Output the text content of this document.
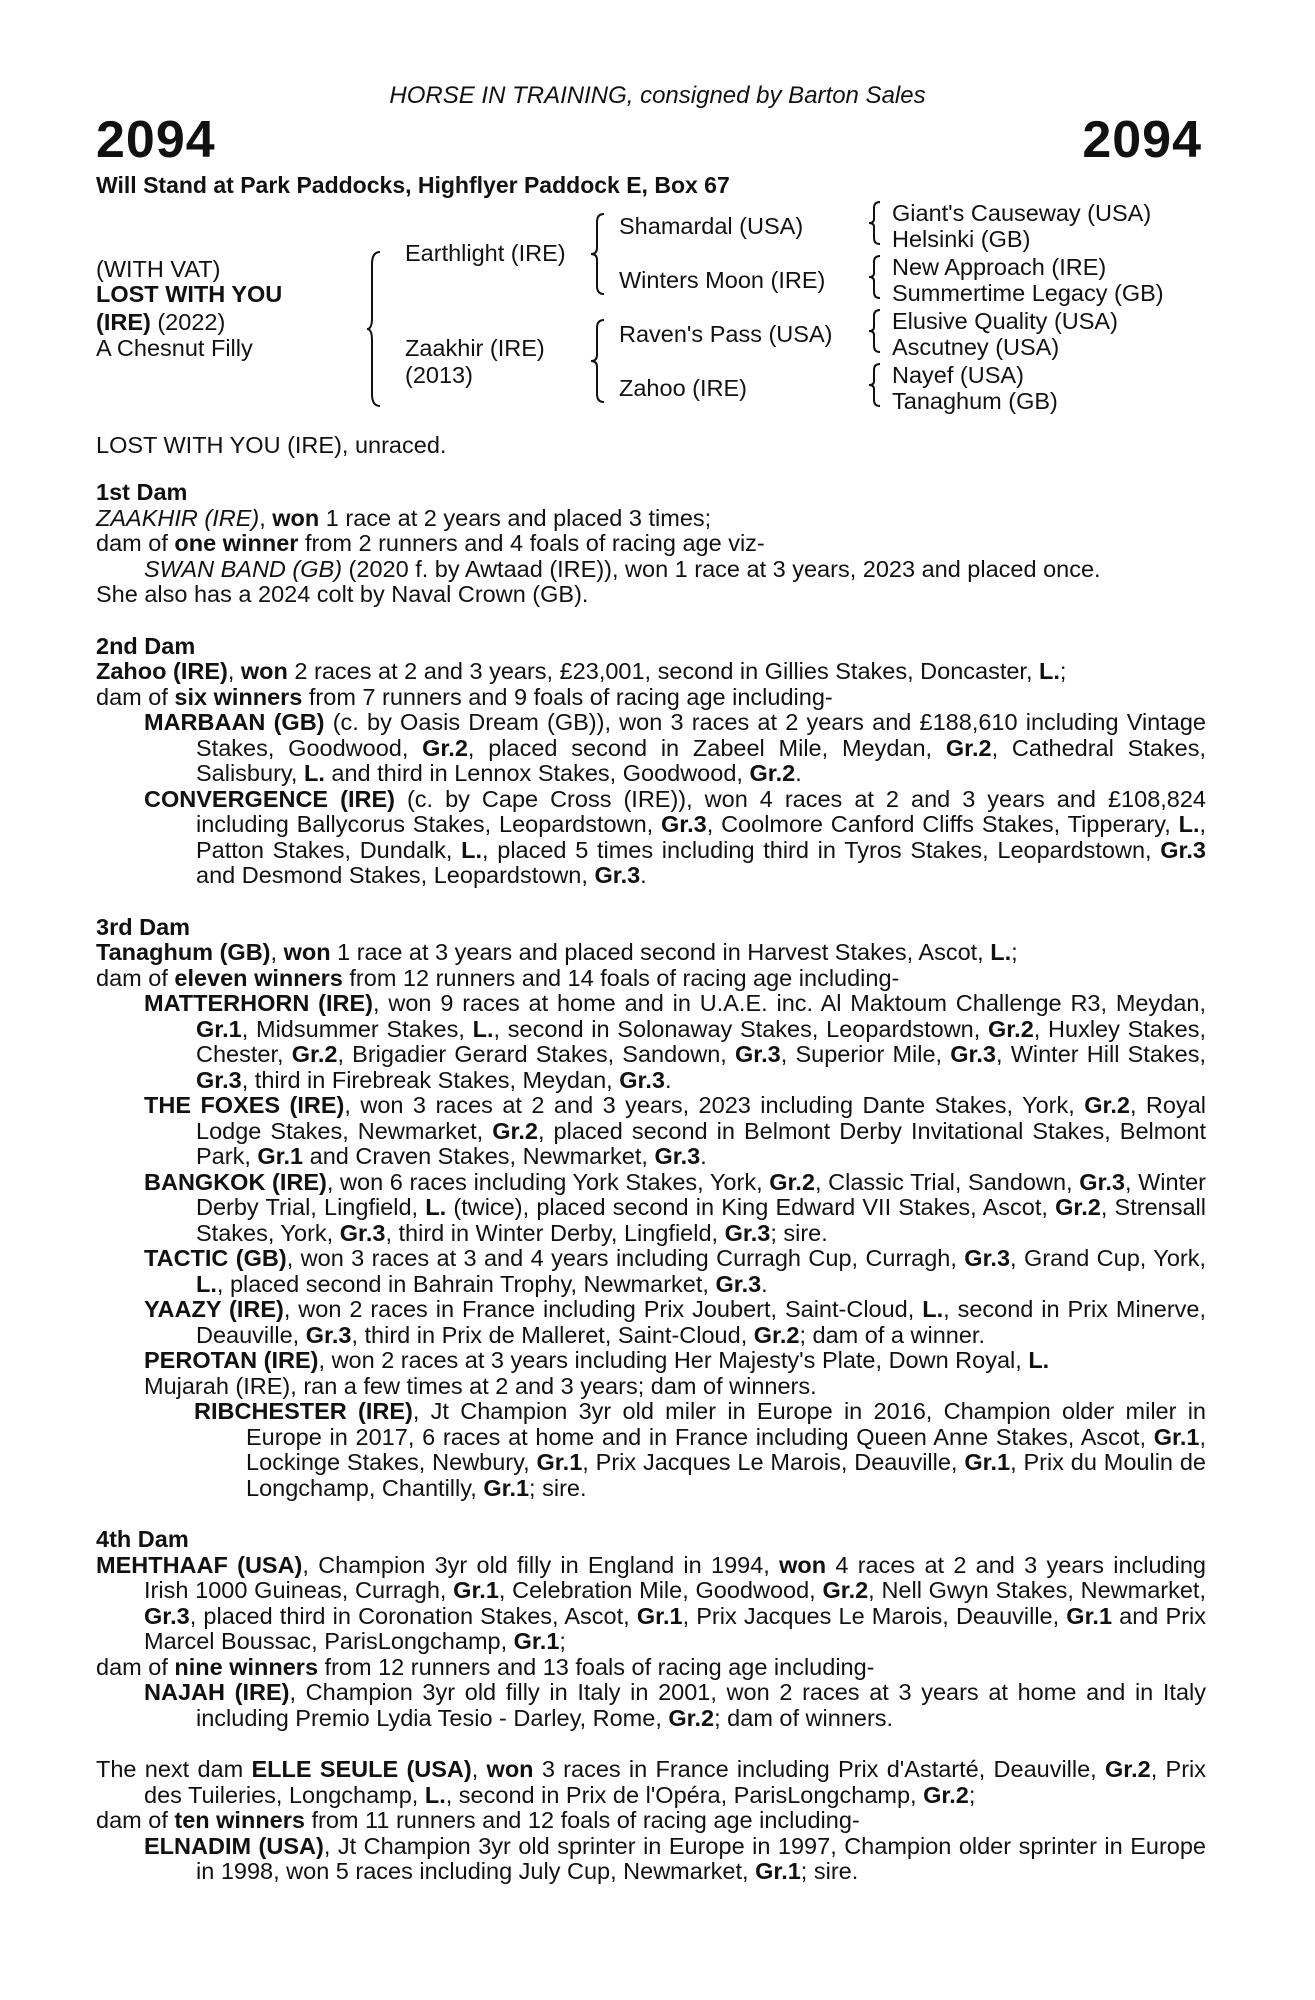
HORSE IN TRAINING, consigned by Barton Sales
2094	2094
Will Stand at Park Paddocks, Highflyer Paddock E, Box 67
(WITH VAT)
LOST WITH YOU
(IRE) (2022)
A Chesnut Filly
Earthlight (IRE)
Zaakhir (IRE)
(2013)
Shamardal (USA)
Winters Moon (IRE)
Raven's Pass (USA)
Zahoo (IRE)
Giant's Causeway (USA)
Helsinki (GB)
New Approach (IRE)
Summertime Legacy (GB)
Elusive Quality (USA)
Ascutney (USA)
Nayef (USA)
Tanaghum (GB)
LOST WITH YOU (IRE), unraced.
1st Dam
ZAAKHIR (IRE), won 1 race at 2 years and placed 3 times;
dam of one winner from 2 runners and 4 foals of racing age viz-
SWAN BAND (GB) (2020 f. by Awtaad (IRE)), won 1 race at 3 years, 2023 and placed once.
She also has a 2024 colt by Naval Crown (GB).
2nd Dam
Zahoo (IRE), won 2 races at 2 and 3 years, £23,001, second in Gillies Stakes, Doncaster, L.;
dam of six winners from 7 runners and 9 foals of racing age including-
MARBAAN (GB) (c. by Oasis Dream (GB)), won 3 races at 2 years and £188,610 including Vintage Stakes, Goodwood, Gr.2, placed second in Zabeel Mile, Meydan, Gr.2, Cathedral Stakes, Salisbury, L. and third in Lennox Stakes, Goodwood, Gr.2.
CONVERGENCE (IRE) (c. by Cape Cross (IRE)), won 4 races at 2 and 3 years and £108,824 including Ballycorus Stakes, Leopardstown, Gr.3, Coolmore Canford Cliffs Stakes, Tipperary, L., Patton Stakes, Dundalk, L., placed 5 times including third in Tyros Stakes, Leopardstown, Gr.3 and Desmond Stakes, Leopardstown, Gr.3.
3rd Dam
Tanaghum (GB), won 1 race at 3 years and placed second in Harvest Stakes, Ascot, L.;
dam of eleven winners from 12 runners and 14 foals of racing age including-
MATTERHORN (IRE), won 9 races at home and in U.A.E. inc. Al Maktoum Challenge R3, Meydan, Gr.1, Midsummer Stakes, L., second in Solonaway Stakes, Leopardstown, Gr.2, Huxley Stakes, Chester, Gr.2, Brigadier Gerard Stakes, Sandown, Gr.3, Superior Mile, Gr.3, Winter Hill Stakes, Gr.3, third in Firebreak Stakes, Meydan, Gr.3.
THE FOXES (IRE), won 3 races at 2 and 3 years, 2023 including Dante Stakes, York, Gr.2, Royal Lodge Stakes, Newmarket, Gr.2, placed second in Belmont Derby Invitational Stakes, Belmont Park, Gr.1 and Craven Stakes, Newmarket, Gr.3.
BANGKOK (IRE), won 6 races including York Stakes, York, Gr.2, Classic Trial, Sandown, Gr.3, Winter Derby Trial, Lingfield, L. (twice), placed second in King Edward VII Stakes, Ascot, Gr.2, Strensall Stakes, York, Gr.3, third in Winter Derby, Lingfield, Gr.3; sire.
TACTIC (GB), won 3 races at 3 and 4 years including Curragh Cup, Curragh, Gr.3, Grand Cup, York, L., placed second in Bahrain Trophy, Newmarket, Gr.3.
YAAZY (IRE), won 2 races in France including Prix Joubert, Saint-Cloud, L., second in Prix Minerve, Deauville, Gr.3, third in Prix de Malleret, Saint-Cloud, Gr.2; dam of a winner.
PEROTAN (IRE), won 2 races at 3 years including Her Majesty's Plate, Down Royal, L.
Mujarah (IRE), ran a few times at 2 and 3 years; dam of winners.
RIBCHESTER (IRE), Jt Champion 3yr old miler in Europe in 2016, Champion older miler in Europe in 2017, 6 races at home and in France including Queen Anne Stakes, Ascot, Gr.1, Lockinge Stakes, Newbury, Gr.1, Prix Jacques Le Marois, Deauville, Gr.1, Prix du Moulin de Longchamp, Chantilly, Gr.1; sire.
4th Dam
MEHTHAAF (USA), Champion 3yr old filly in England in 1994, won 4 races at 2 and 3 years including Irish 1000 Guineas, Curragh, Gr.1, Celebration Mile, Goodwood, Gr.2, Nell Gwyn Stakes, Newmarket, Gr.3, placed third in Coronation Stakes, Ascot, Gr.1, Prix Jacques Le Marois, Deauville, Gr.1 and Prix Marcel Boussac, ParisLongchamp, Gr.1;
dam of nine winners from 12 runners and 13 foals of racing age including-
NAJAH (IRE), Champion 3yr old filly in Italy in 2001, won 2 races at 3 years at home and in Italy including Premio Lydia Tesio - Darley, Rome, Gr.2; dam of winners.
The next dam ELLE SEULE (USA), won 3 races in France including Prix d'Astarté, Deauville, Gr.2, Prix des Tuileries, Longchamp, L., second in Prix de l'Opéra, ParisLongchamp, Gr.2;
dam of ten winners from 11 runners and 12 foals of racing age including-
ELNADIM (USA), Jt Champion 3yr old sprinter in Europe in 1997, Champion older sprinter in Europe in 1998, won 5 races including July Cup, Newmarket, Gr.1; sire.
